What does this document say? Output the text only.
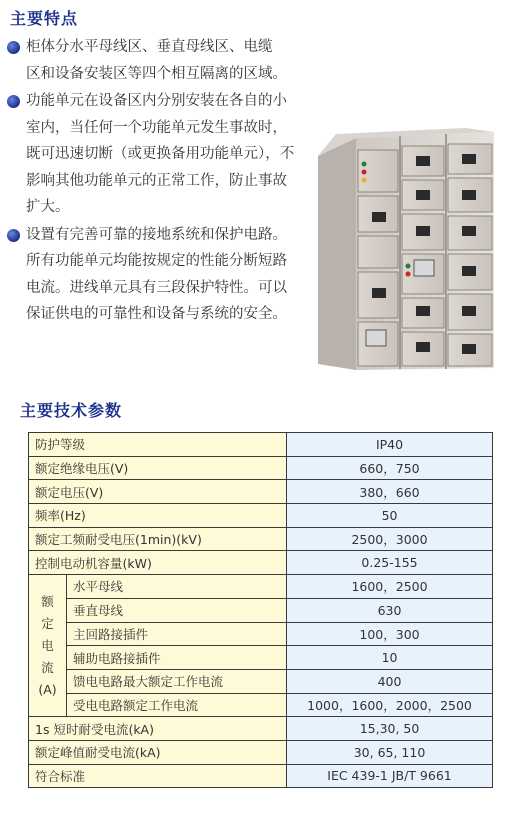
主要特点
柜体分水平母线区、垂直母线区、电缆
区和设备安装区等四个相互隔离的区域。
功能单元在设备区内分别安装在各自的小
室内，当任何一个功能单元发生事故时，
既可迅速切断（或更换备用功能单元），不
影响其他功能单元的正常工作，防止事故
扩大。
设置有完善可靠的接地系统和保护电路。
所有功能单元均能按规定的性能分断短路
电流。进线单元具有三段保护特性。可以
保证供电的可靠性和设备与系统的安全。
主要技术参数
防护等级		IP40
额定绝缘电压(V)		660，750
额定电压(V)		380，660
频率(Hz)		50
额定工频耐受电压(1min)(kV)		2500，3000
控制电动机容量(kW)		0.25-155

额
定
电
流
(A)	水平母线	1600，2500
	垂直母线	630
	主回路接插件	100，300
	辅助电路接插件	10
	馈电电路最大额定工作电流	400
	受电电路额定工作电流	1000，1600，2000，2500
1s 短时耐受电流(kA)		15,30, 50
额定峰值耐受电流(kA)		30, 65, 110
符合标准		IEC 439-1 JB/T 9661
